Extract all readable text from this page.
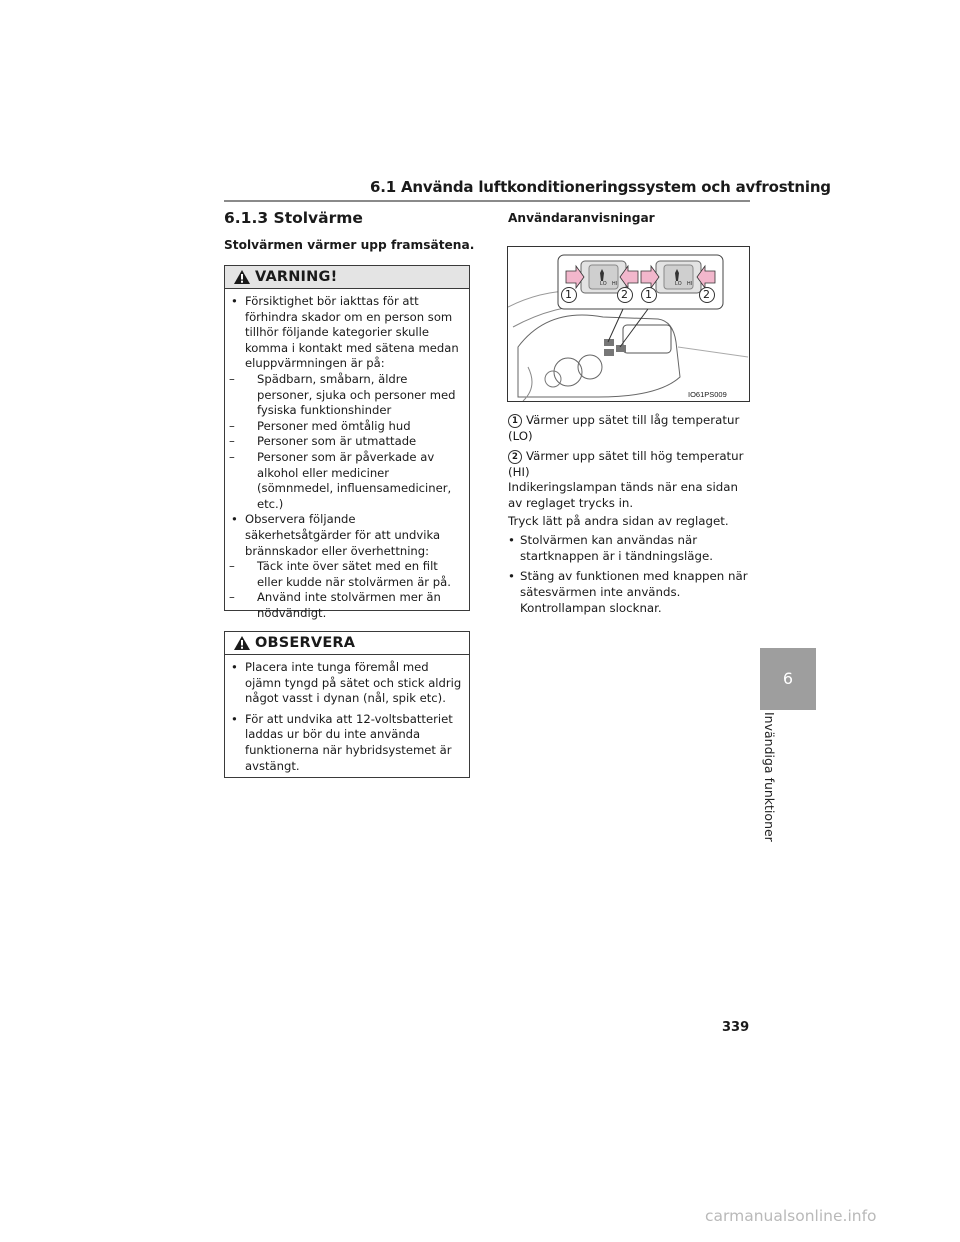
6.1 Använda luftkonditioneringssystem och avfrostning
6.1.3 Stolvärme
Stolvärmen värmer upp framsätena.
VARNING!
• Försiktighet bör iakttas för att förhindra skador om en person som tillhör följande kategorier skulle komma i kontakt med sätena medan eluppvärmningen är på:
– Spädbarn, småbarn, äldre personer, sjuka och personer med fysiska funktionshinder
– Personer med ömtålig hud
– Personer som är utmattade
– Personer som är påverkade av alkohol eller mediciner (sömnmedel, influensamediciner, etc.)
• Observera följande säkerhetsåtgärder för att undvika brännskador eller överhettning:
– Täck inte över sätet med en filt eller kudde när stolvärmen är på.
– Använd inte stolvärmen mer än nödvändigt.
OBSERVERA
• Placera inte tunga föremål med ojämn tyngd på sätet och stick aldrig något vasst i dynan (nål, spik etc).
• För att undvika att 12-voltsbatteriet laddas ur bör du inte använda funktionerna när hybridsystemet är avstängt.
Användaranvisningar
LO HI	LO HI
1	2 1	2
IO61PS009
1 Värmer upp sätet till låg temperatur (LO)
2 Värmer upp sätet till hög temperatur (HI)
Indikeringslampan tänds när ena sidan av reglaget trycks in.
Tryck lätt på andra sidan av reglaget.
• Stolvärmen kan användas när startknappen är i tändningsläge.
• Stäng av funktionen med knappen när sätesvärmen inte används. Kontrollampan slocknar.
6
Invändiga funktioner
339
carmanualsonline.info
